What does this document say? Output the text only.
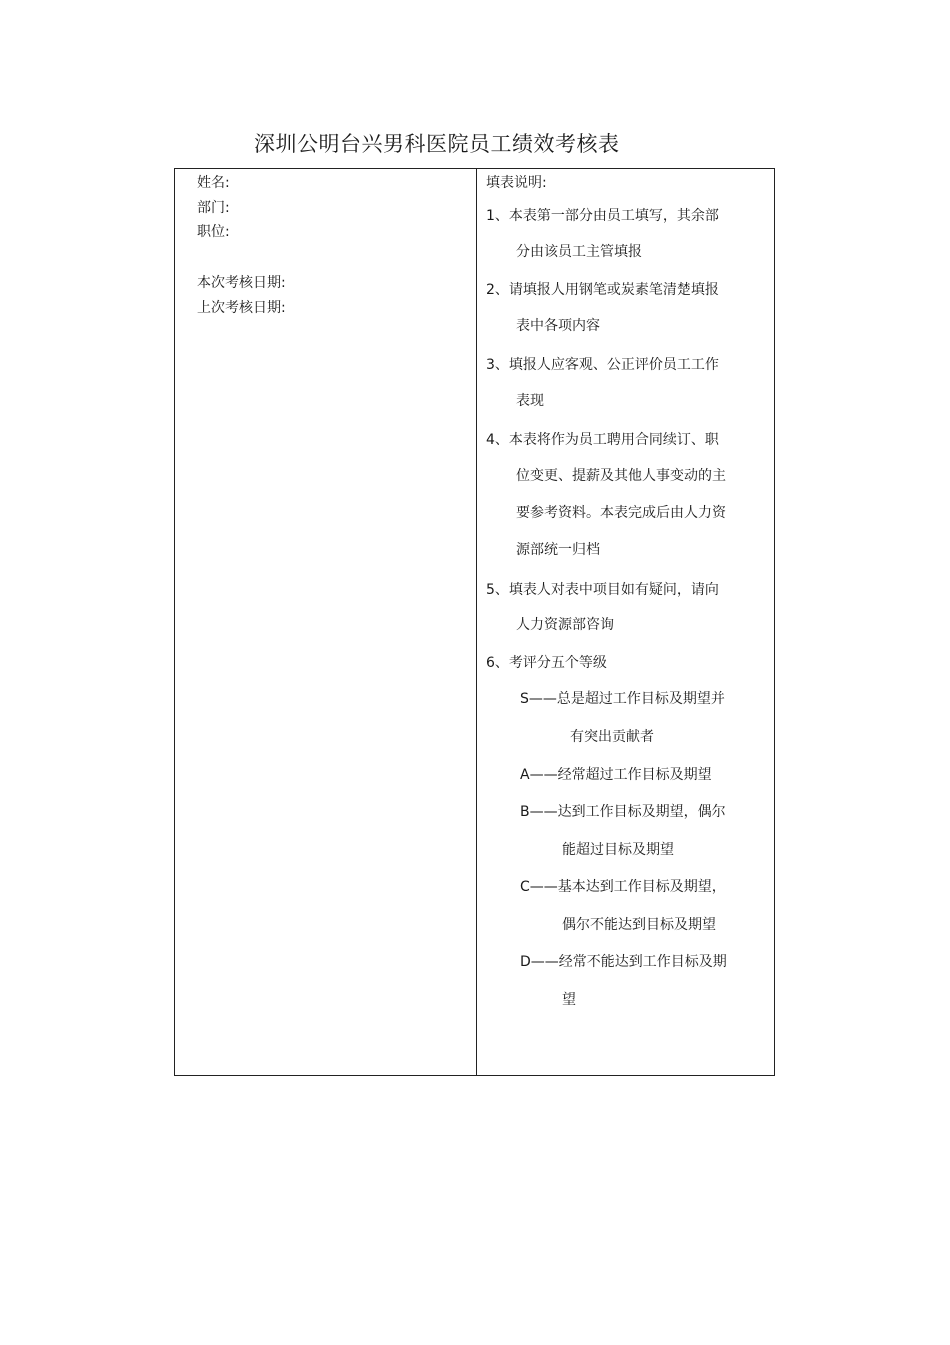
深圳公明台兴男科医院员工绩效考核表
姓名:
部门:
职位:
本次考核日期:
上次考核日期:
填表说明:
1、本表第一部分由员工填写，其余部
分由该员工主管填报
2、请填报人用钢笔或炭素笔清楚填报
表中各项内容
3、填报人应客观、公正评价员工工作
表现
4、本表将作为员工聘用合同续订、职
位变更、提薪及其他人事变动的主
要参考资料。本表完成后由人力资
源部统一归档
5、填表人对表中项目如有疑问，请向
人力资源部咨询
6、考评分五个等级
S——总是超过工作目标及期望并
有突出贡献者
A——经常超过工作目标及期望
B——达到工作目标及期望，偶尔
能超过目标及期望
C——基本达到工作目标及期望，
偶尔不能达到目标及期望
D——经常不能达到工作目标及期
望
